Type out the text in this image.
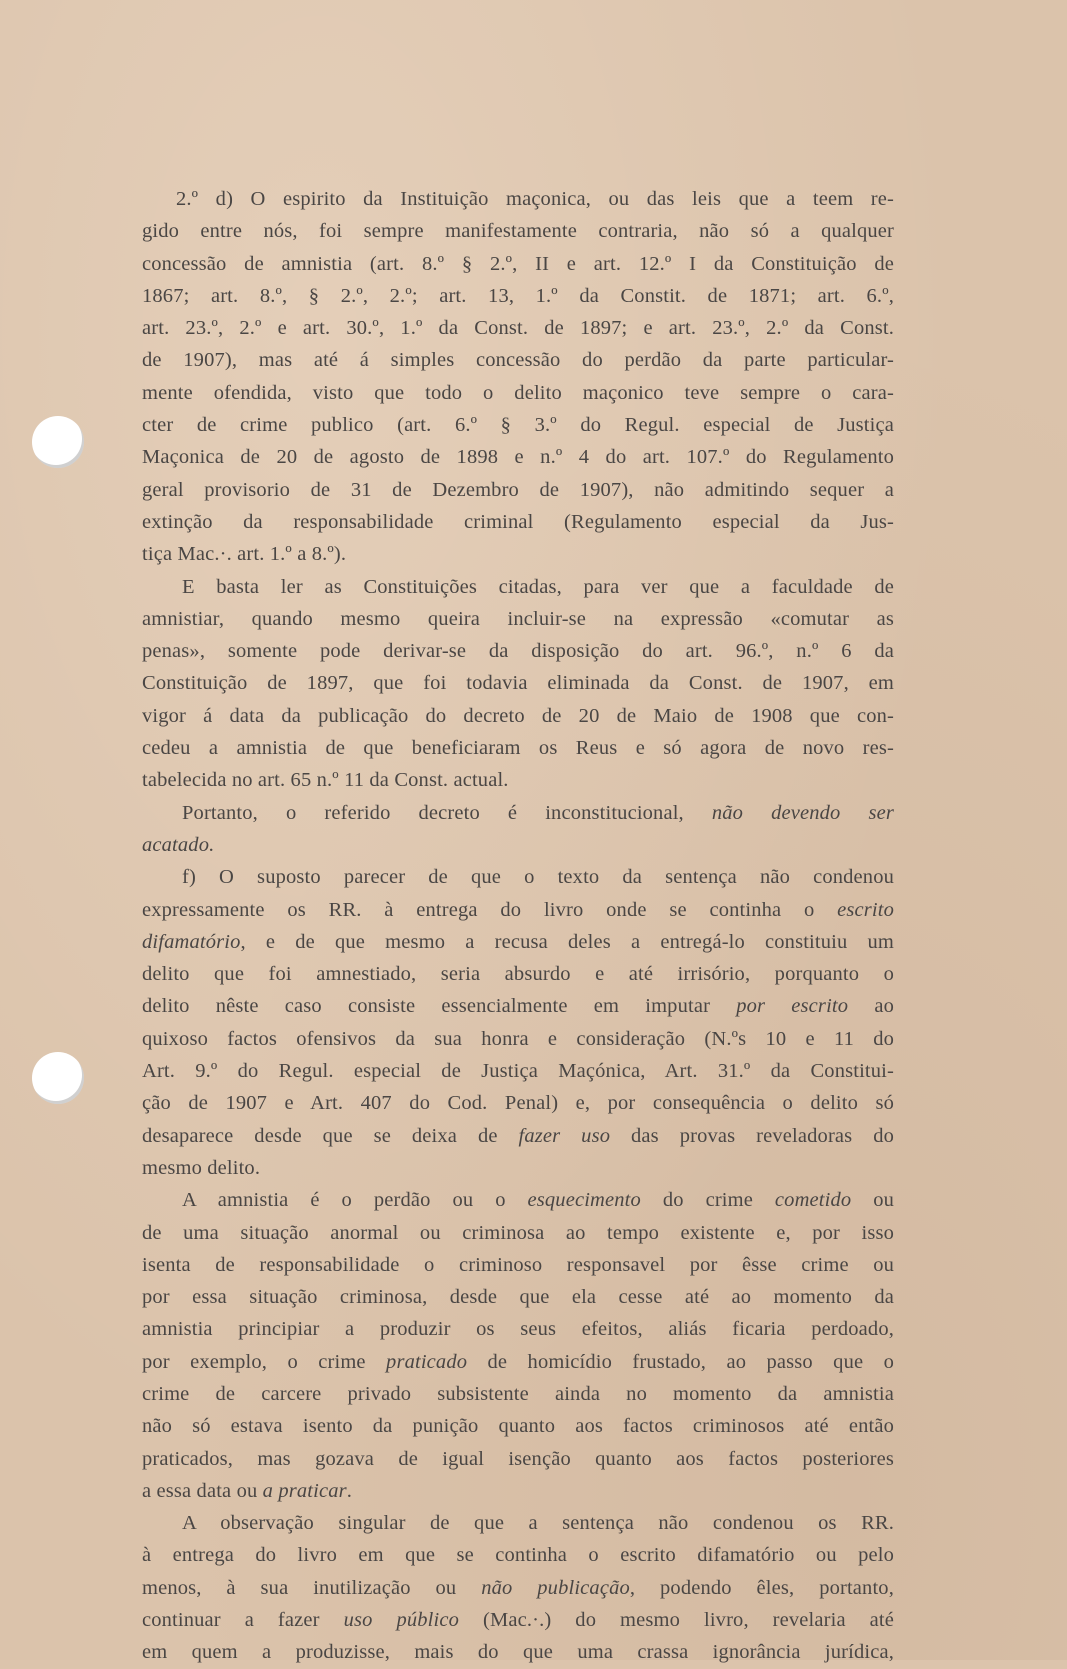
2.º d) O espirito da Instituição maçonica, ou das leis que a teem re-
gido entre nós, foi sempre manifestamente contraria, não só a qualquer
concessão de amnistia (art. 8.º § 2.º, II e art. 12.º I da Constituição de
1867; art. 8.º, § 2.º, 2.º; art. 13, 1.º da Constit. de 1871; art. 6.º,
art. 23.º, 2.º e art. 30.º, 1.º da Const. de 1897; e art. 23.º, 2.º da Const.
de 1907), mas até á simples concessão do perdão da parte particular-
mente ofendida, visto que todo o delito maçonico teve sempre o cara-
cter de crime publico (art. 6.º § 3.º do Regul. especial de Justiça
Maçonica de 20 de agosto de 1898 e n.º 4 do art. 107.º do Regulamento
geral provisorio de 31 de Dezembro de 1907), não admitindo sequer a
extinção da responsabilidade criminal (Regulamento especial da Jus-
tiça Mac.·. art. 1.º a 8.º).
E basta ler as Constituições citadas, para ver que a faculdade de
amnistiar, quando mesmo queira incluir-se na expressão «comutar as
penas», somente pode derivar-se da disposição do art. 96.º, n.º 6 da
Constituição de 1897, que foi todavia eliminada da Const. de 1907, em
vigor á data da publicação do decreto de 20 de Maio de 1908 que con-
cedeu a amnistia de que beneficiaram os Reus e só agora de novo res-
tabelecida no art. 65 n.º 11 da Const. actual.
Portanto, o referido decreto é inconstitucional, não devendo ser
acatado.
f) O suposto parecer de que o texto da sentença não condenou
expressamente os RR. à entrega do livro onde se continha o escrito
difamatório, e de que mesmo a recusa deles a entregá-lo constituiu um
delito que foi amnestiado, seria absurdo e até irrisório, porquanto o
delito nêste caso consiste essencialmente em imputar por escrito ao
quixoso factos ofensivos da sua honra e consideração (N.ºs 10 e 11 do
Art. 9.º do Regul. especial de Justiça Maçónica, Art. 31.º da Constitui-
ção de 1907 e Art. 407 do Cod. Penal) e, por consequência o delito só
desaparece desde que se deixa de fazer uso das provas reveladoras do
mesmo delito.
A amnistia é o perdão ou o esquecimento do crime cometido ou
de uma situação anormal ou criminosa ao tempo existente e, por isso
isenta de responsabilidade o criminoso responsavel por êsse crime ou
por essa situação criminosa, desde que ela cesse até ao momento da
amnistia principiar a produzir os seus efeitos, aliás ficaria perdoado,
por exemplo, o crime praticado de homicídio frustado, ao passo que o
crime de carcere privado subsistente ainda no momento da amnistia
não só estava isento da punição quanto aos factos criminosos até então
praticados, mas gozava de igual isenção quanto aos factos posteriores
a essa data ou a praticar.
A observação singular de que a sentença não condenou os RR.
à entrega do livro em que se continha o escrito difamatório ou pelo
menos, à sua inutilização ou não publicação, podendo êles, portanto,
continuar a fazer uso público (Mac.·.) do mesmo livro, revelaria até
em quem a produzisse, mais do que uma crassa ignorância jurídica,
